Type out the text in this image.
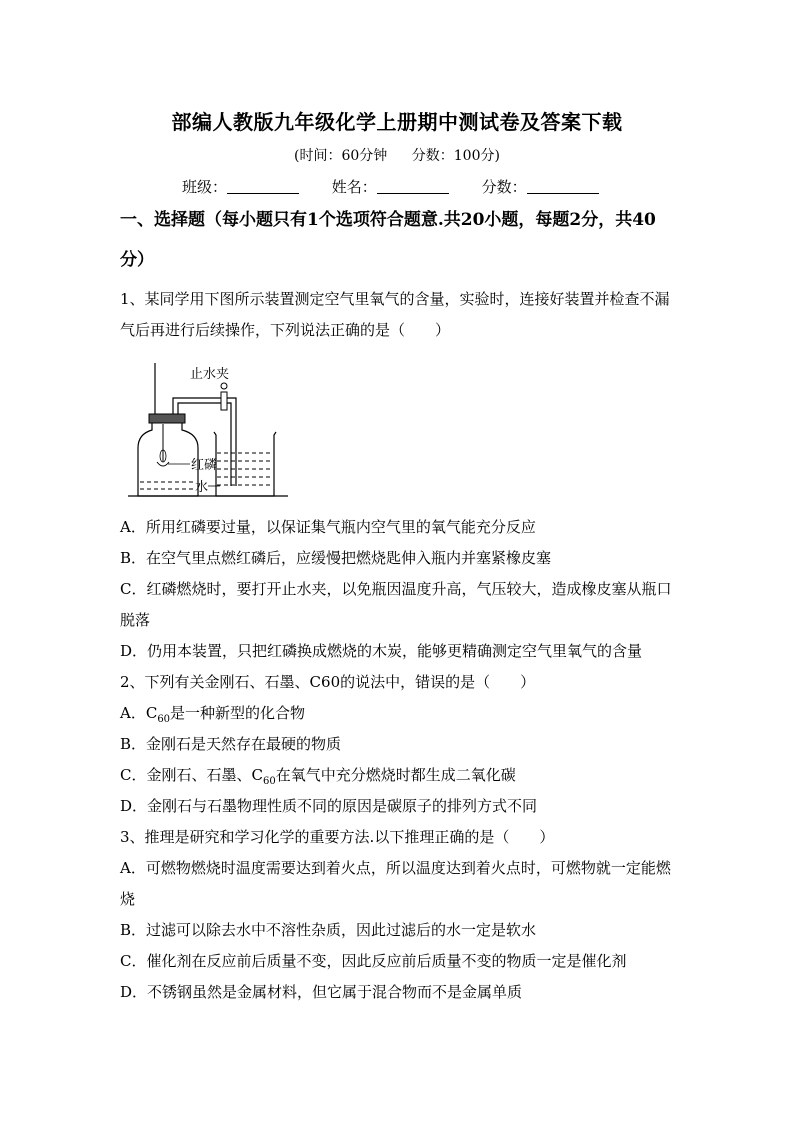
部编人教版九年级化学上册期中测试卷及答案下载
(时间：60分钟 分数：100分)
班级：	姓名：	分数：
一、选择题（每小题只有1个选项符合题意.共20小题，每题2分，共40分）
1、某同学用下图所示装置测定空气里氧气的含量，实验时，连接好装置并检查不漏气后再进行后续操作，下列说法正确的是（　　）
止水夹
红磷
水
A．所用红磷要过量，以保证集气瓶内空气里的氧气能充分反应
B．在空气里点燃红磷后，应缓慢把燃烧匙伸入瓶内并塞紧橡皮塞
C．红磷燃烧时，要打开止水夹，以免瓶因温度升高，气压较大，造成橡皮塞从瓶口脱落
D．仍用本装置，只把红磷换成燃烧的木炭，能够更精确测定空气里氧气的含量
2、下列有关金刚石、石墨、C60的说法中，错误的是（　　）
A．$C_{60}$是一种新型的化合物
B．金刚石是天然存在最硬的物质
C．金刚石、石墨、$C_{60}$在氧气中充分燃烧时都生成二氧化碳
D．金刚石与石墨物理性质不同的原因是碳原子的排列方式不同
3、推理是研究和学习化学的重要方法.以下推理正确的是（　　）
A．可燃物燃烧时温度需要达到着火点，所以温度达到着火点时，可燃物就一定能燃烧
B．过滤可以除去水中不溶性杂质，因此过滤后的水一定是软水
C．催化剂在反应前后质量不变，因此反应前后质量不变的物质一定是催化剂
D．不锈钢虽然是金属材料，但它属于混合物而不是金属单质
